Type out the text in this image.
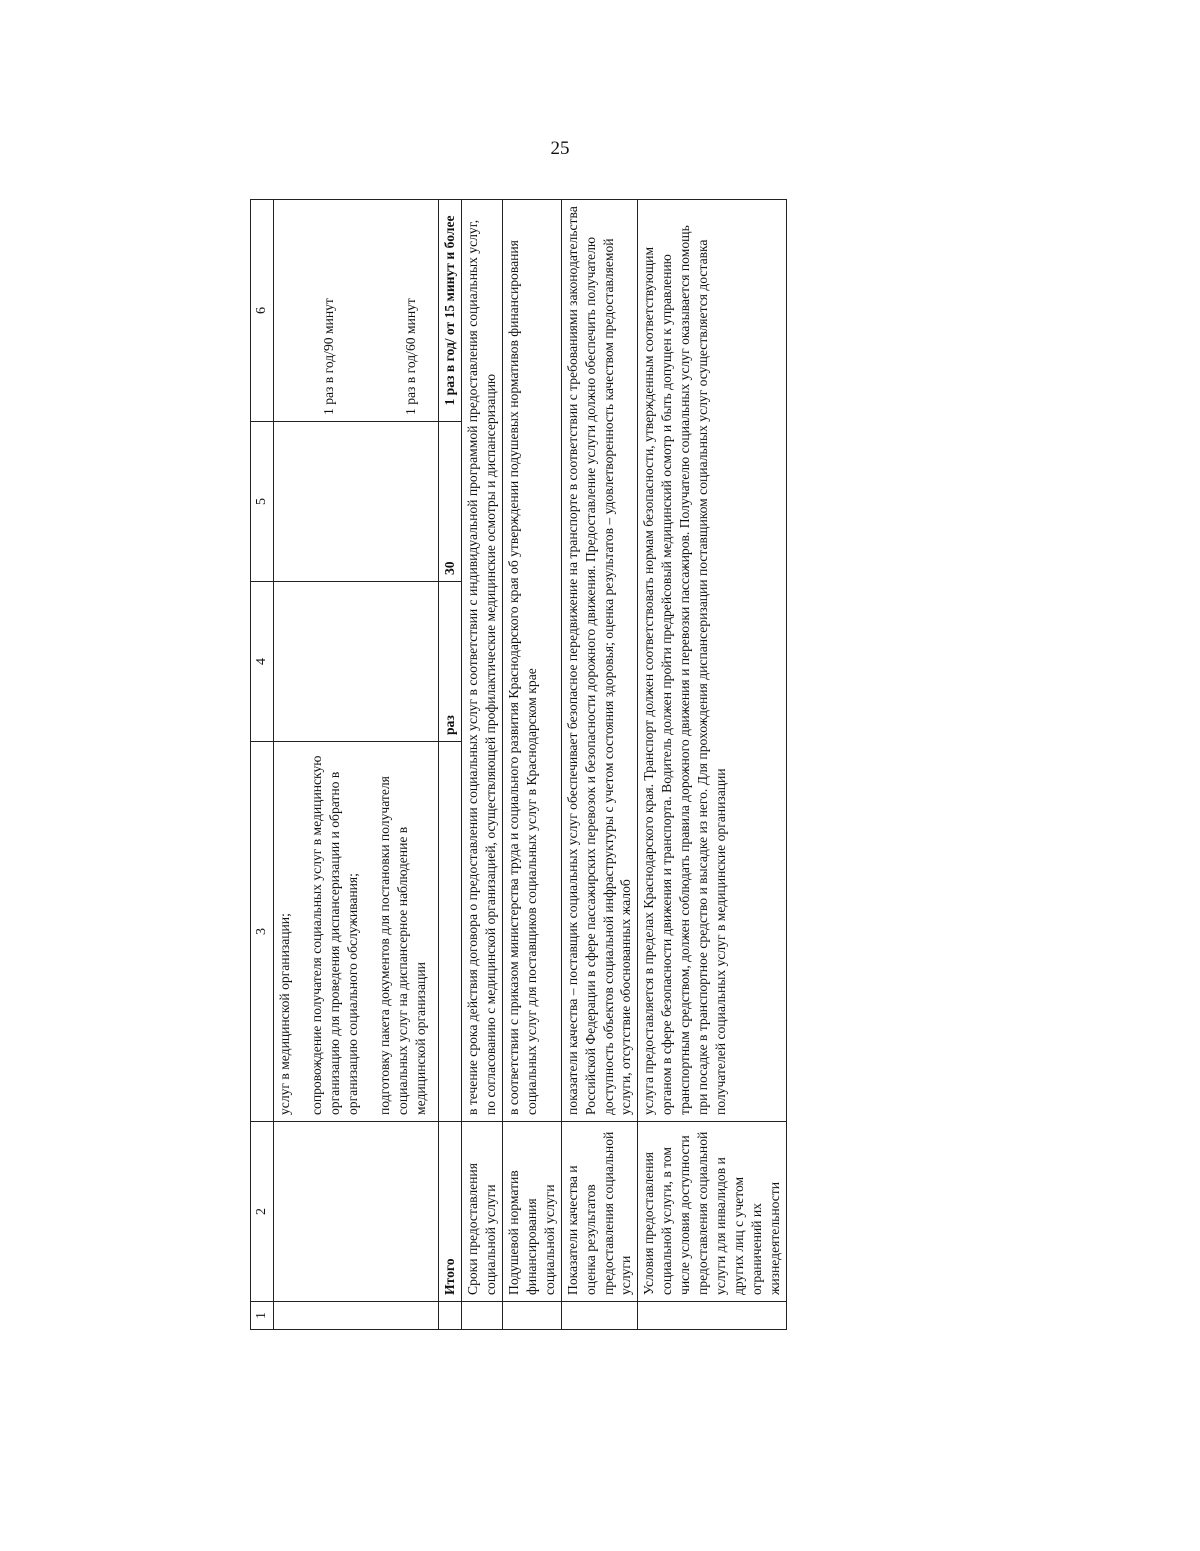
25
1	2	3	4	5	6

		услуг в медицинской организации; сопровождение получателя социальных услуг в медицинскую организацию для проведения диспансеризации и обратно в организацию социального обслуживания; подготовку пакета документов для постановки получателя социальных услуг на диспансерное наблюдение в медицинской организации			1 раз в год/90 минут 1 раз в год/60 минут
	Итого		раз	30	1 раз в год/ от 15 минут и более
	Сроки предоставления социальной услуги	в течение срока действия договора о предоставлении социальных услуг в соответствии с индивидуальной программой предоставления социальных услуг, по согласованию с медицинской организацией, осуществляющей профилактические медицинские осмотры и диспансеризацию			
	Подушевой норматив финансирования социальной услуги	в соответствии с приказом министерства труда и социального развития Краснодарского края об утверждении подушевых нормативов финансирования социальных услуг для поставщиков социальных услуг в Краснодарском крае			
	Показатели качества и оценка результатов предоставления социальной услуги	показатели качества – поставщик социальных услуг обеспечивает безопасное передвижение на транспорте в соответствии с требованиями законодательства Российской Федерации в сфере пассажирских перевозок и безопасности дорожного движения. Предоставление услуги должно обеспечить получателю доступность объектов социальной инфраструктуры с учетом состояния здоровья; оценка результатов – удовлетворенность качеством предоставляемой услуги, отсутствие обоснованных жалоб			
	Условия предоставления социальной услуги, в том числе условия доступности предоставления социальной услуги для инвалидов и других лиц с учетом ограничений их жизнедеятельности	услуга предоставляется в пределах Краснодарского края. Транспорт должен соответствовать нормам безопасности, утвержденным соответствующим органом в сфере безопасности движения и транспорта. Водитель должен пройти предрейсовый медицинский осмотр и быть допущен к управлению транспортным средством, должен соблюдать правила дорожного движения и перевозки пассажиров. Получателю социальных услуг оказывается помощь при посадке в транспортное средство и высадке из него. Для прохождения диспансеризации поставщиком социальных услуг осуществляется доставка получателей социальных услуг в медицинские организации			
